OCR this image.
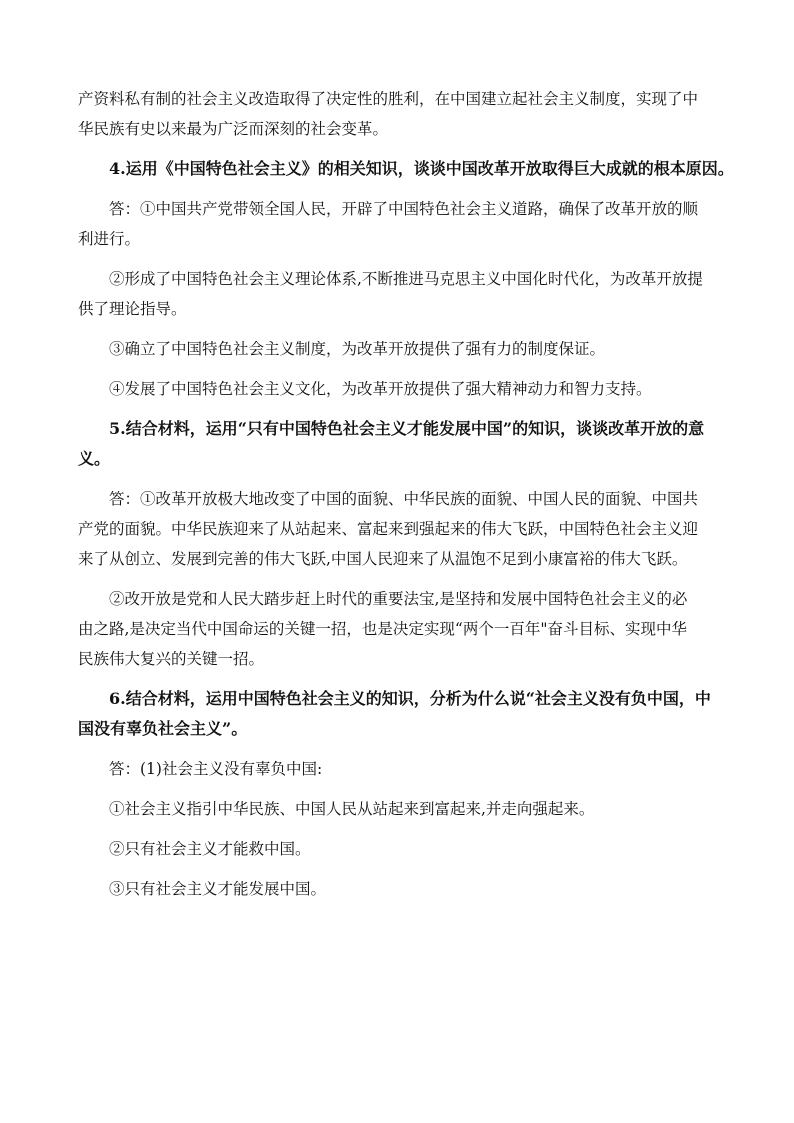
产资料私有制的社会主义改造取得了决定性的胜利，在中国建立起社会主义制度，实现了中
华民族有史以来最为广泛而深刻的社会变革。

4.运用《中国特色社会主义》的相关知识，谈谈中国改革开放取得巨大成就的根本原因。

答：①中国共产党带领全国人民，开辟了中国特色社会主义道路，确保了改革开放的顺

利进行。

②形成了中国特色社会主义理论体系,不断推进马克思主义中国化时代化，为改革开放提

供了理论指导。

③确立了中国特色社会主义制度，为改革开放提供了强有力的制度保证。

④发展了中国特色社会主义文化，为改革开放提供了强大精神动力和智力支持。

5.结合材料，运用“只有中国特色社会主义才能发展中国”的知识，谈谈改革开放的意

义。

答：①改革开放极大地改变了中国的面貌、中华民族的面貌、中国人民的面貌、中国共

产党的面貌。中华民族迎来了从站起来、富起来到强起来的伟大飞跃，中国特色社会主义迎
来了从创立、发展到完善的伟大飞跃,中国人民迎来了从温饱不足到小康富裕的伟大飞跃。

②改开放是党和人民大踏步赶上时代的重要法宝,是坚持和发展中国特色社会主义的必

由之路,是决定当代中国命运的关键一招，也是决定实现“两个一百年"奋斗目标、实现中华
民族伟大复兴的关键一招。

6.结合材料，运用中国特色社会主义的知识，分析为什么说“社会主义没有负中国，中

国没有辜负社会主义”。

答：(1)社会主义没有辜负中国:

①社会主义指引中华民族、中国人民从站起来到富起来,并走向强起来。

②只有社会主义才能救中国。

③只有社会主义才能发展中国。
